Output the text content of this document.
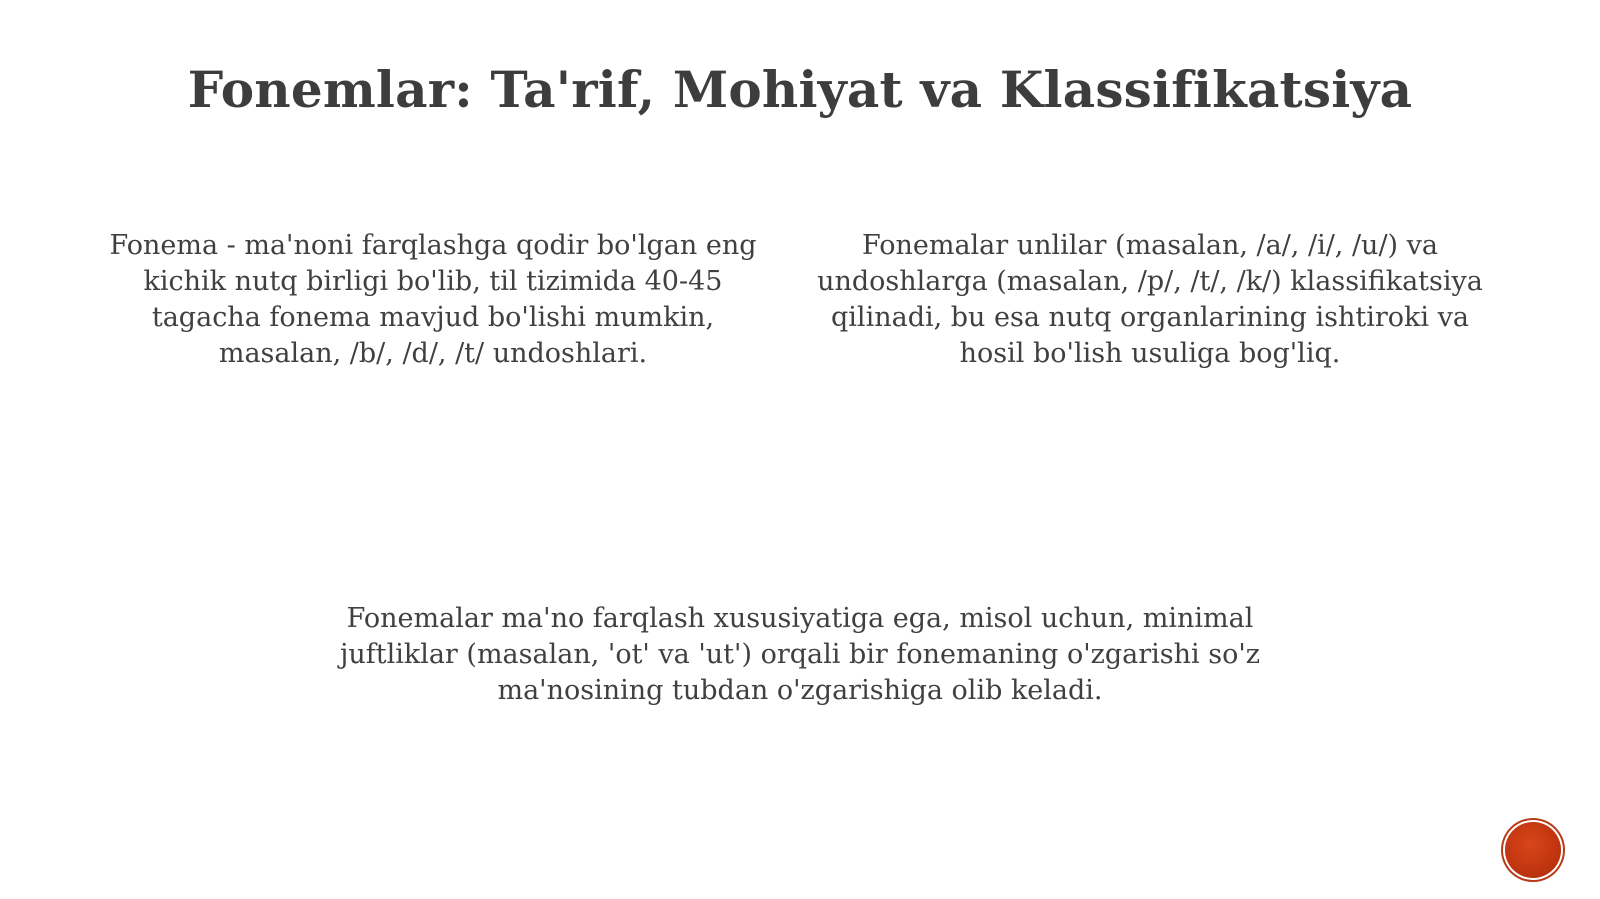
Fonemlar: Ta'rif, Mohiyat va Klassifikatsiya

Fonema - ma'noni farqlashga qodir bo'lgan eng kichik nutq birligi bo'lib, til tizimida 40-45 tagacha fonema mavjud bo'lishi mumkin, masalan, /b/, /d/, /t/ undoshlari.

Fonemalar unlilar (masalan, /a/, /i/, /u/) va undoshlarga (masalan, /p/, /t/, /k/) klassifikatsiya qilinadi, bu esa nutq organlarining ishtiroki va hosil bo'lish usuliga bog'liq.

Fonemalar ma'no farqlash xususiyatiga ega, misol uchun, minimal juftliklar (masalan, 'ot' va 'ut') orqali bir fonemaning o'zgarishi so'z ma'nosining tubdan o'zgarishiga olib keladi.
